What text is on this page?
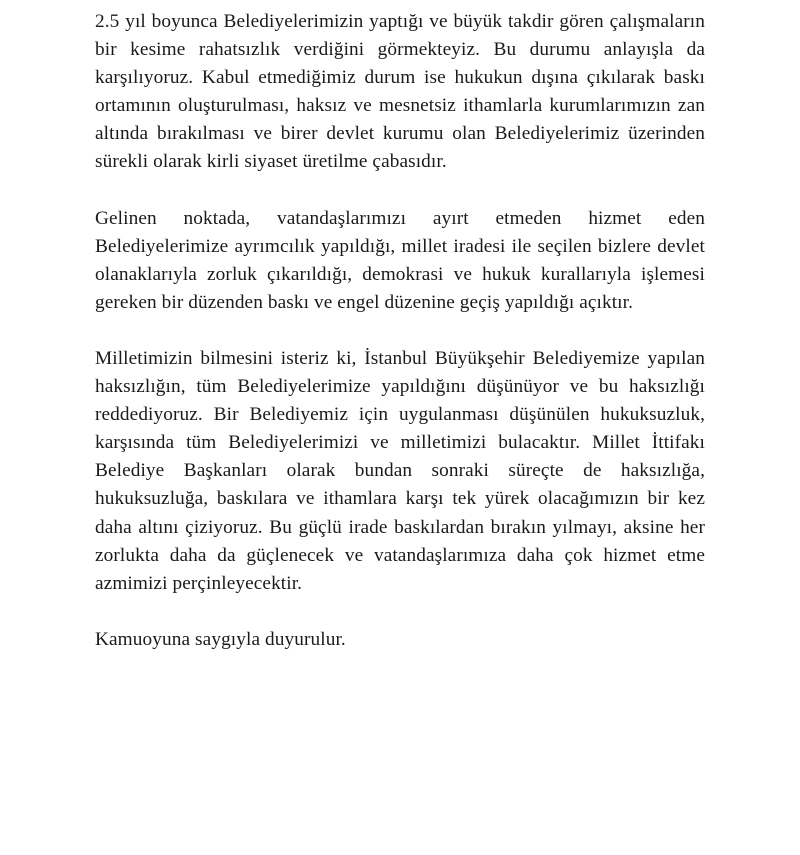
2.5 yıl boyunca Belediyelerimizin yaptığı ve büyük takdir gören çalışmaların bir kesime rahatsızlık verdiğini görmekteyiz. Bu durumu anlayışla da karşılıyoruz. Kabul etmediğimiz durum ise hukukun dışına çıkılarak baskı ortamının oluşturulması, haksız ve mesnetsiz ithamlarla kurumlarımızın zan altında bırakılması ve birer devlet kurumu olan Belediyelerimiz üzerinden sürekli olarak kirli siyaset üretilme çabasıdır.

Gelinen noktada, vatandaşlarımızı ayırt etmeden hizmet eden Belediyelerimize ayrımcılık yapıldığı, millet iradesi ile seçilen bizlere devlet olanaklarıyla zorluk çıkarıldığı, demokrasi ve hukuk kurallarıyla işlemesi gereken bir düzenden baskı ve engel düzenine geçiş yapıldığı açıktır.

Milletimizin bilmesini isteriz ki, İstanbul Büyükşehir Belediyemize yapılan haksızlığın, tüm Belediyelerimize yapıldığını düşünüyor ve bu haksızlığı reddediyoruz. Bir Belediyemiz için uygulanması düşünülen hukuksuzluk, karşısında tüm Belediyelerimizi ve milletimizi bulacaktır. Millet İttifakı Belediye Başkanları olarak bundan sonraki süreçte de haksızlığa, hukuksuzluğa, baskılara ve ithamlara karşı tek yürek olacağımızın bir kez daha altını çiziyoruz. Bu güçlü irade baskılardan bırakın yılmayı, aksine her zorlukta daha da güçlenecek ve vatandaşlarımıza daha çok hizmet etme azmimizi perçinleyecektir.

Kamuoyuna saygıyla duyurulur.
